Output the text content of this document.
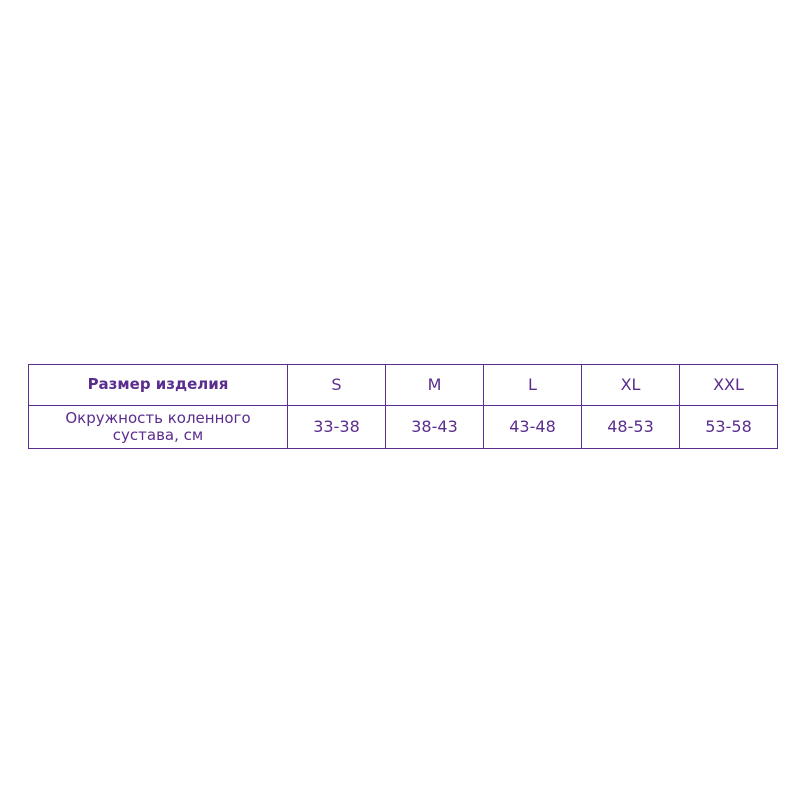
Размер изделия	S	M	L	XL	XXL

Окружность коленного сустава, см	33-38	38-43	43-48	48-53	53-58
